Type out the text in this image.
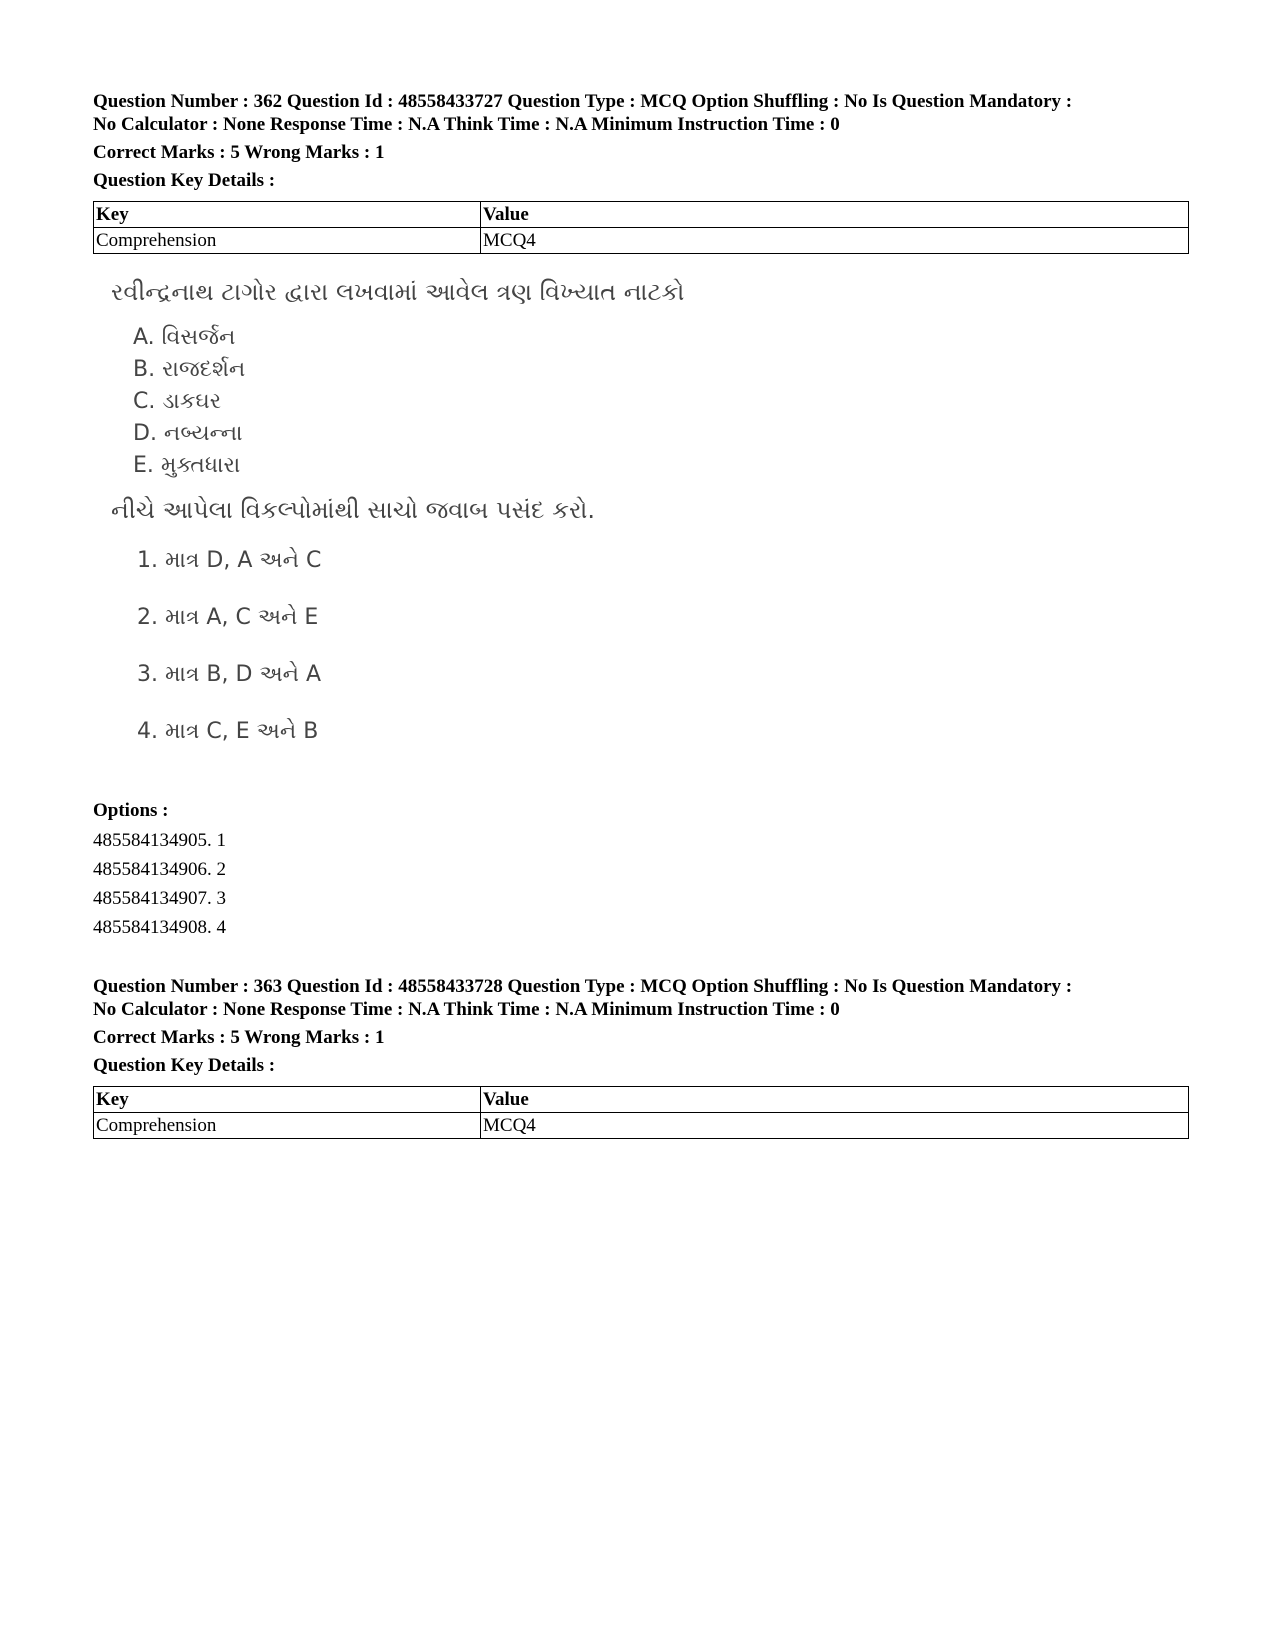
Question Number : 362 Question Id : 48558433727 Question Type : MCQ Option Shuffling : No Is Question Mandatory :

No Calculator : None Response Time : N.A Think Time : N.A Minimum Instruction Time : 0

Correct Marks : 5 Wrong Marks : 1
Question Key Details :
Key	Value
Comprehension	MCQ4
રવીન્દ્રનાથ ટાગોર દ્વારા લખવામાં આવેલ ત્રણ વિખ્યાત નાટકો
A. વિસર્જન
B. રાજદર્શન
C. ડાકઘર
D. નબ્યન્ના
E. મુક્તધારા
નીચે આપેલા વિકલ્પોમાંથી સાચો જવાબ પસંદ કરો.
1. માત્ર D, A અને C
2. માત્ર A, C અને E
3. માત્ર B, D અને A
4. માત્ર C, E અને B
Options :
485584134905. 1
485584134906. 2
485584134907. 3
485584134908. 4

Question Number : 363 Question Id : 48558433728 Question Type : MCQ Option Shuffling : No Is Question Mandatory :

No Calculator : None Response Time : N.A Think Time : N.A Minimum Instruction Time : 0

Correct Marks : 5 Wrong Marks : 1
Question Key Details :
Key	Value
Comprehension	MCQ4
